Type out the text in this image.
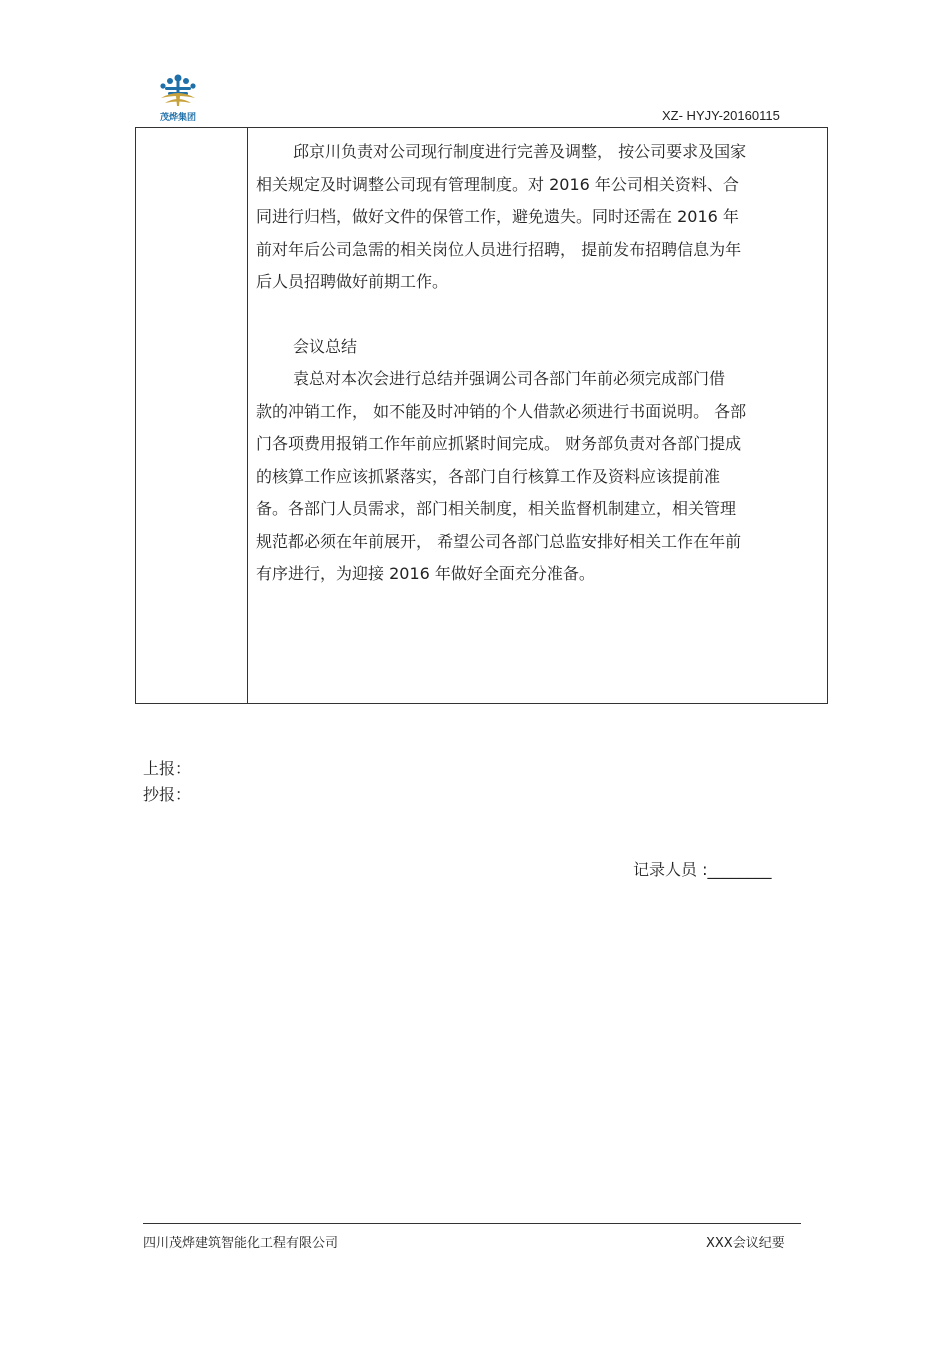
茂烨集团	XZ- HYJY-20160115

邱京川负责对公司现行制度进行完善及调整， 按公司要求及国家

相关规定及时调整公司现有管理制度。对 2016 年公司相关资料、合

同进行归档，做好文件的保管工作，避免遗失。同时还需在 2016 年

前对年后公司急需的相关岗位人员进行招聘， 提前发布招聘信息为年

后人员招聘做好前期工作。

会议总结

袁总对本次会进行总结并强调公司各部门年前必须完成部门借

款的冲销工作， 如不能及时冲销的个人借款必须进行书面说明。 各部

门各项费用报销工作年前应抓紧时间完成。 财务部负责对各部门提成

的核算工作应该抓紧落实，各部门自行核算工作及资料应该提前准

备。各部门人员需求，部门相关制度，相关监督机制建立，相关管理

规范都必须在年前展开， 希望公司各部门总监安排好相关工作在年前

有序进行，为迎接 2016 年做好全面充分准备。

上报：
抄报：
记录人员 :________
四川茂烨建筑智能化工程有限公司	XXX会议纪要
